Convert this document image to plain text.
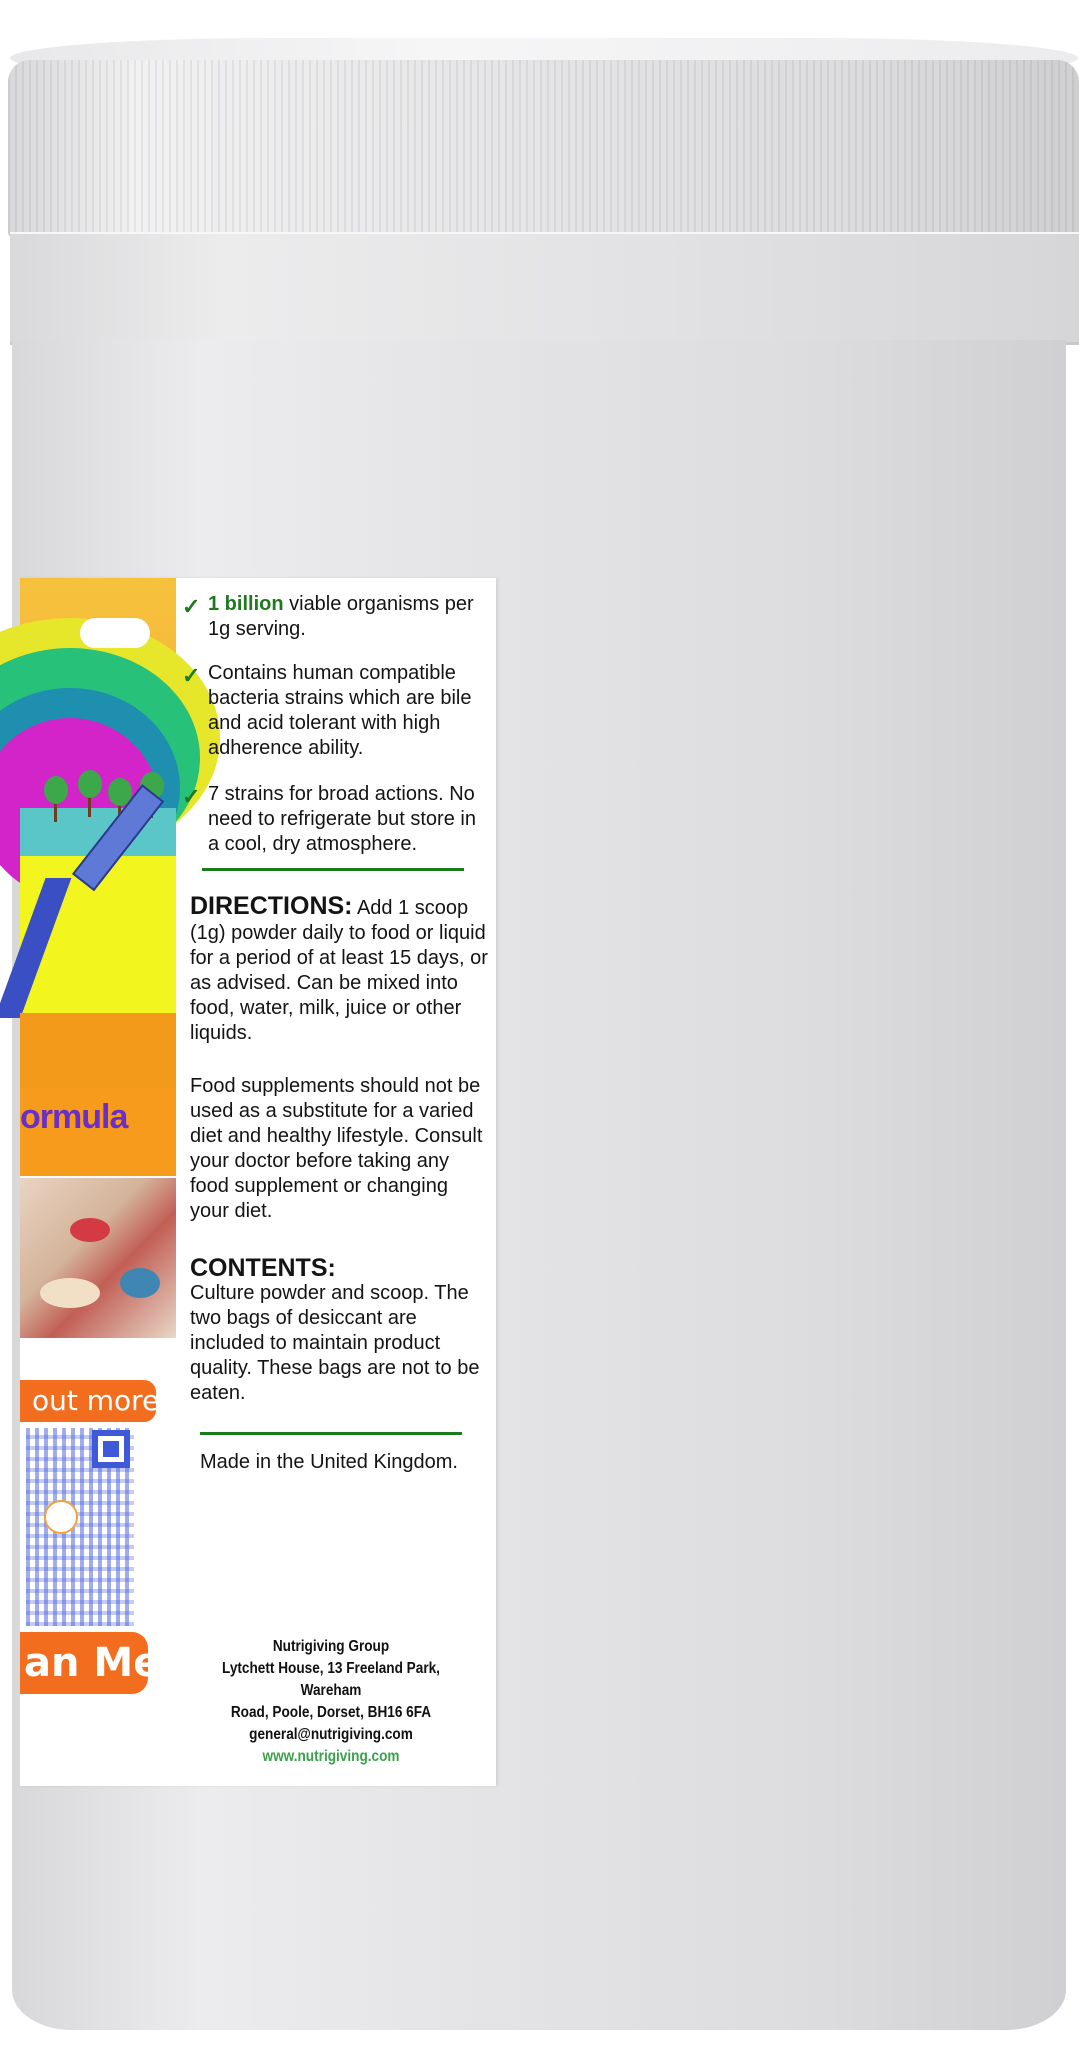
ormula
out more
an Me!
✓ 1 billion viable organisms per 1g serving.
✓ Contains human compatible bacteria strains which are bile and acid tolerant with high adherence ability.
✓ 7 strains for broad actions. No need to refrigerate but store in a cool, dry atmosphere.
DIRECTIONS: Add 1 scoop (1g) powder daily to food or liquid for a period of at least 15 days, or as advised. Can be mixed into food, water, milk, juice or other liquids.
Food supplements should not be used as a substitute for a varied diet and healthy lifestyle. Consult your doctor before taking any food supplement or changing your diet.
CONTENTS:
Culture powder and scoop. The two bags of desiccant are included to maintain product quality. These bags are not to be eaten.
Made in the United Kingdom.
Nutrigiving Group
Lytchett House, 13 Freeland Park, Wareham
Road, Poole, Dorset, BH16 6FA
general@nutrigiving.com
www.nutrigiving.com
